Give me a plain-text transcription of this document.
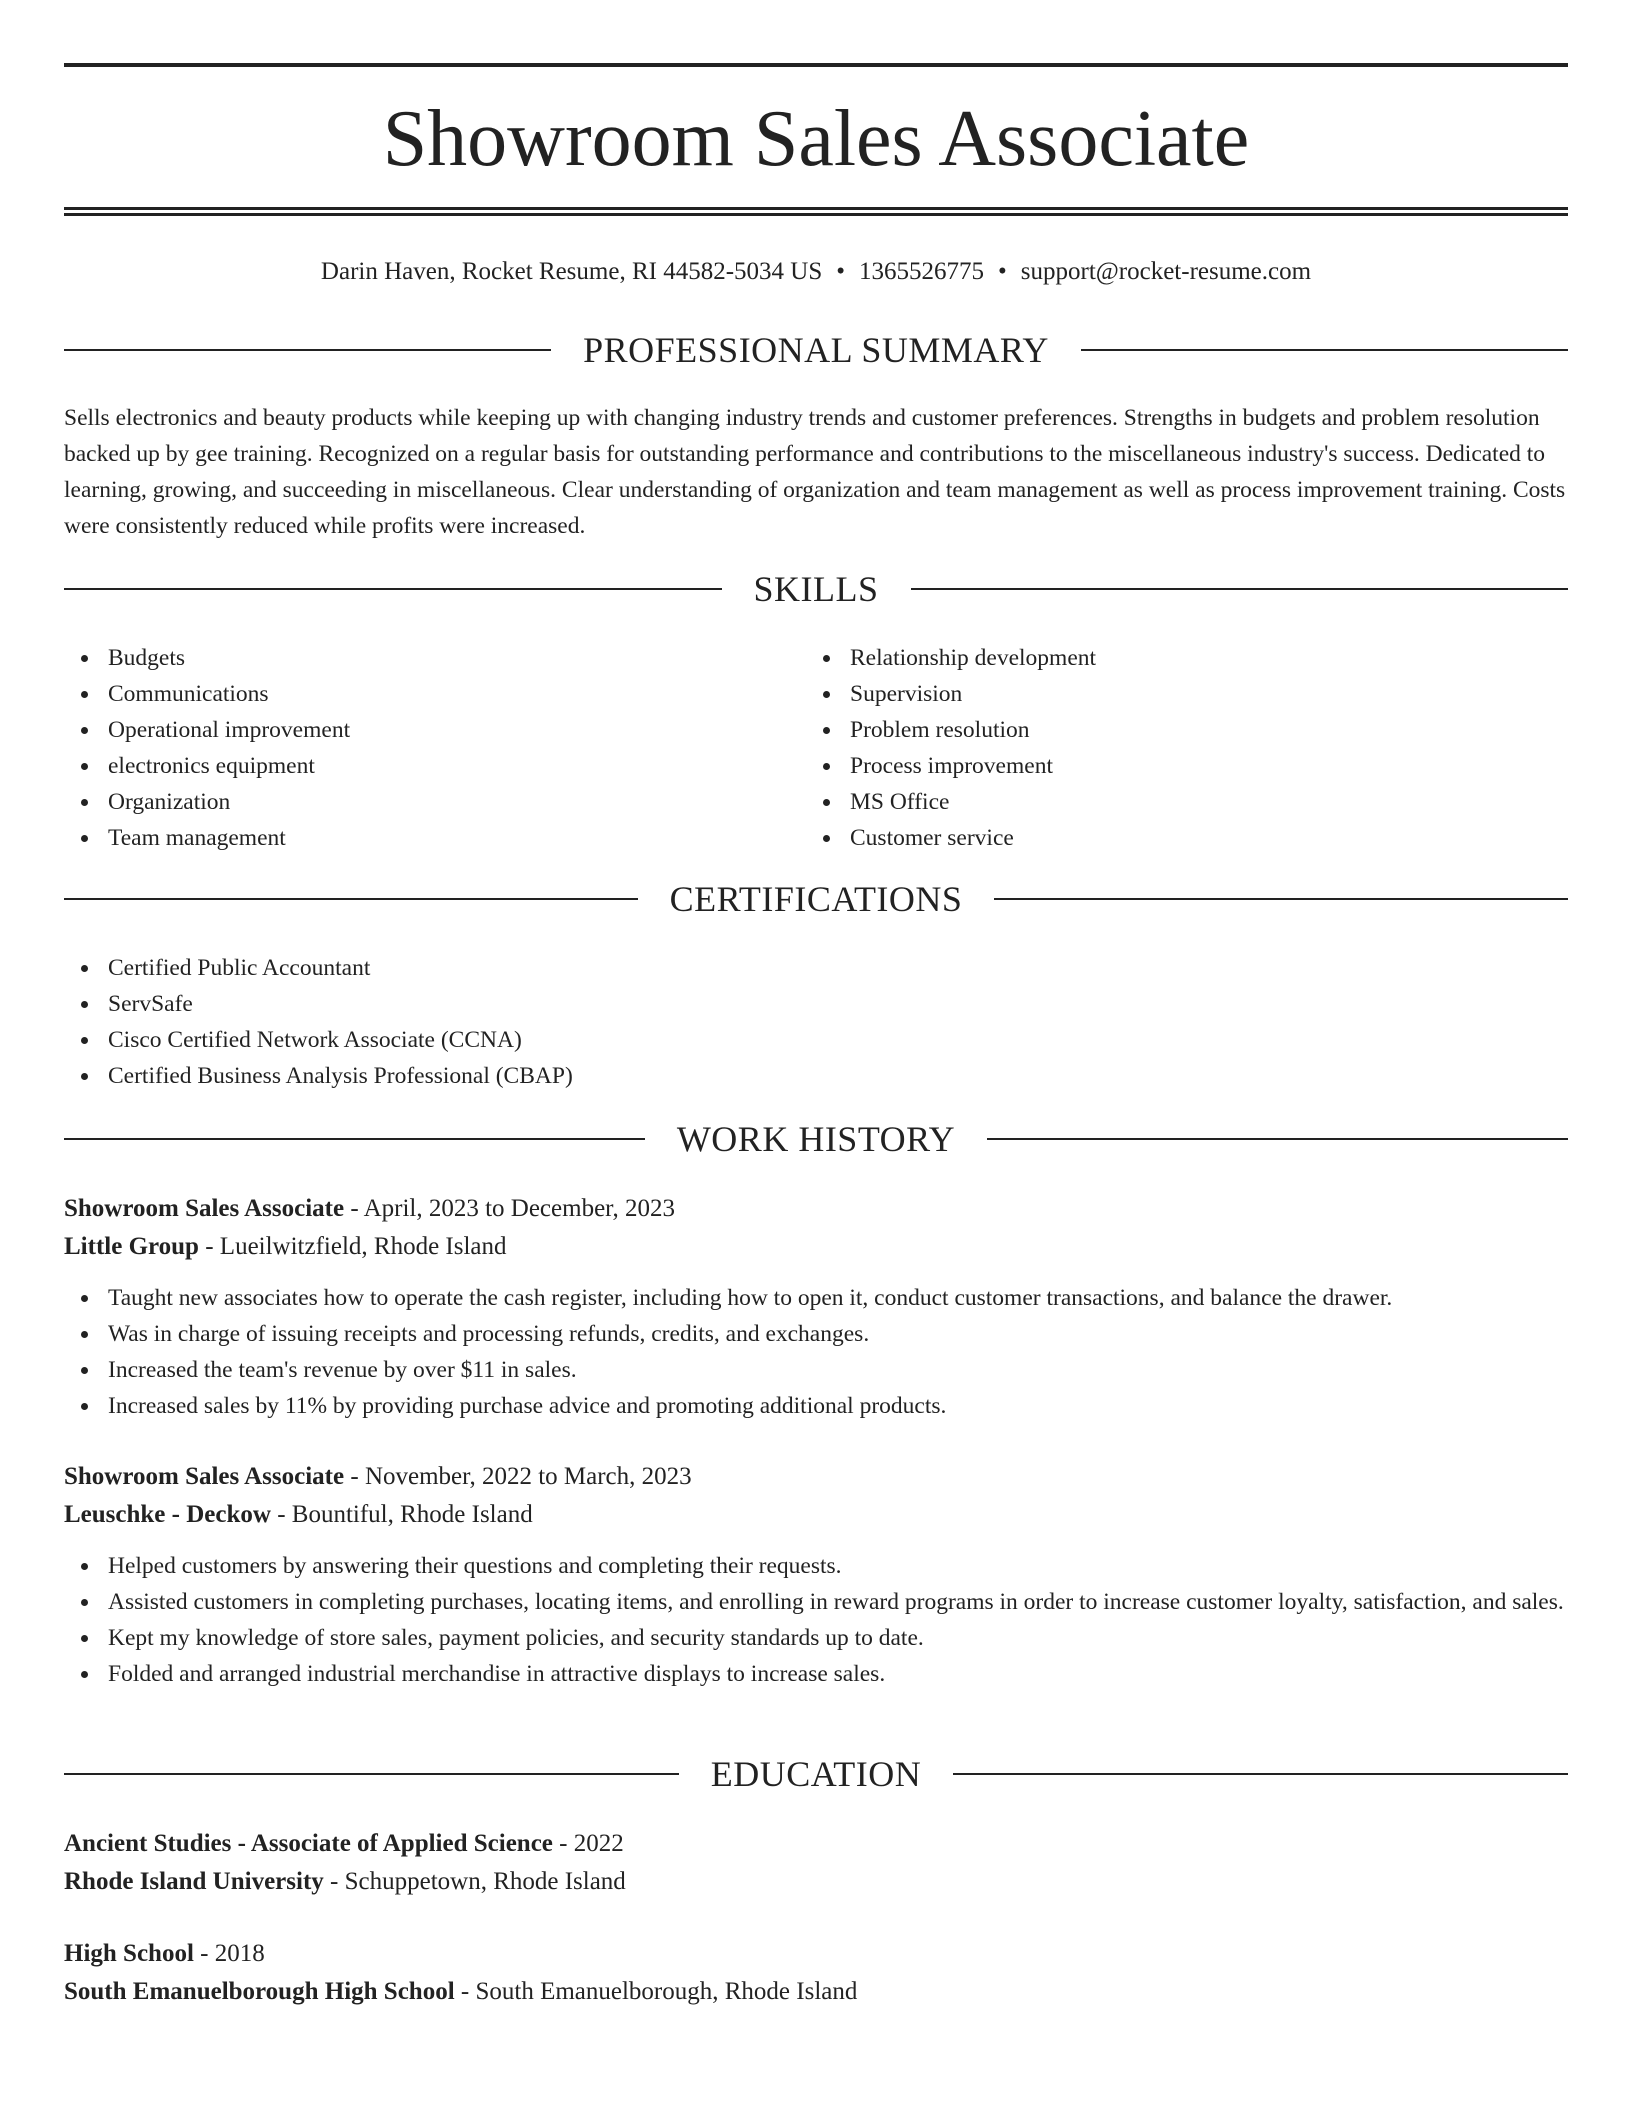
Showroom Sales Associate
Darin Haven, Rocket Resume, RI 44582-5034 US • 1365526775 • support@rocket-resume.com
PROFESSIONAL SUMMARY

Sells electronics and beauty products while keeping up with changing industry trends and customer preferences. Strengths in budgets and problem resolution backed up by gee training. Recognized on a regular basis for outstanding performance and contributions to the miscellaneous industry's success. Dedicated to learning, growing, and succeeding in miscellaneous. Clear understanding of organization and team management as well as process improvement training. Costs were consistently reduced while profits were increased.

SKILLS
Budgets
Communications
Operational improvement
electronics equipment
Organization
Team management
Relationship development
Supervision
Problem resolution
Process improvement
MS Office
Customer service
CERTIFICATIONS
Certified Public Accountant
ServSafe
Cisco Certified Network Associate (CCNA)
Certified Business Analysis Professional (CBAP)
WORK HISTORY
Showroom Sales Associate - April, 2023 to December, 2023
Little Group - Lueilwitzfield, Rhode Island
Taught new associates how to operate the cash register, including how to open it, conduct customer transactions, and balance the drawer.
Was in charge of issuing receipts and processing refunds, credits, and exchanges.
Increased the team's revenue by over $11 in sales.
Increased sales by 11% by providing purchase advice and promoting additional products.
Showroom Sales Associate - November, 2022 to March, 2023
Leuschke - Deckow - Bountiful, Rhode Island
Helped customers by answering their questions and completing their requests.
Assisted customers in completing purchases, locating items, and enrolling in reward programs in order to increase customer loyalty, satisfaction, and sales.
Kept my knowledge of store sales, payment policies, and security standards up to date.
Folded and arranged industrial merchandise in attractive displays to increase sales.
EDUCATION
Ancient Studies - Associate of Applied Science - 2022
Rhode Island University - Schuppetown, Rhode Island
High School - 2018
South Emanuelborough High School - South Emanuelborough, Rhode Island
